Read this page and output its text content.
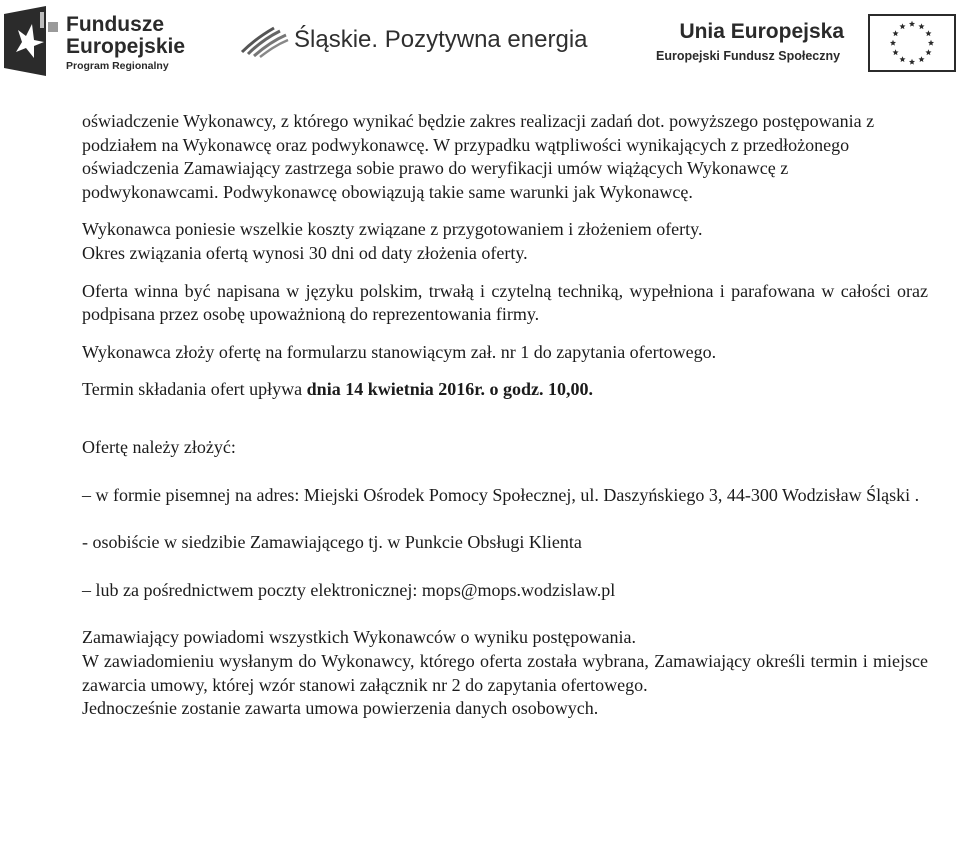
Fundusze
Europejskie
Program Regionalny
Śląskie. Pozytywna energia	Unia Europejska
Europejski Fundusz Społeczny

oświadczenie Wykonawcy, z którego wynikać będzie zakres realizacji zadań dot. powyższego postępowania z podziałem na Wykonawcę oraz podwykonawcę. W przypadku wątpliwości wynikających z przedłożonego oświadczenia Zamawiający zastrzega sobie prawo do weryfikacji umów wiążących Wykonawcę z podwykonawcami. Podwykonawcę obowiązują takie same warunki jak Wykonawcę.

Wykonawca poniesie wszelkie koszty związane z przygotowaniem i złożeniem oferty.

Okres związania ofertą wynosi 30 dni od daty złożenia oferty.

Oferta winna być napisana w języku polskim, trwałą i czytelną techniką, wypełniona i parafowana w całości oraz podpisana przez osobę upoważnioną do reprezentowania firmy.

Wykonawca złoży ofertę na formularzu stanowiącym zał. nr 1 do zapytania ofertowego.

Termin składania ofert upływa dnia 14 kwietnia 2016r. o godz. 10,00.

Ofertę należy złożyć:

– w formie pisemnej na adres: Miejski Ośrodek Pomocy Społecznej, ul. Daszyńskiego 3, 44-300 Wodzisław Śląski .

- osobiście w siedzibie Zamawiającego tj. w Punkcie Obsługi Klienta

– lub za pośrednictwem poczty elektronicznej: mops@mops.wodzislaw.pl

Zamawiający powiadomi wszystkich Wykonawców o wyniku postępowania.

W zawiadomieniu wysłanym do Wykonawcy, którego oferta została wybrana, Zamawiający określi termin i miejsce zawarcia umowy, której wzór stanowi załącznik nr 2 do zapytania ofertowego.

Jednocześnie zostanie zawarta umowa powierzenia danych osobowych.
